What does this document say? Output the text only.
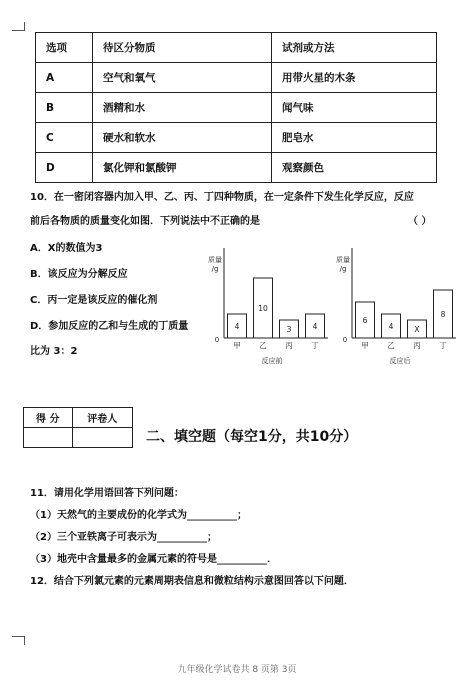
选项	待区分物质	试剂或方法
A	空气和氧气	用带火星的木条
B	酒精和水	闻气味
C	硬水和软水	肥皂水
D	氯化钾和氯酸钾	观察颜色
10．在一密闭容器内加入甲、乙、丙、丁四种物质，在一定条件下发生化学反应，反应
前后各物质的质量变化如图．下列说法中不正确的是	（ ）
A．X的数值为3
B．该反应为分解反应
C．丙一定是该反应的催化剂
D．参加反应的乙和与生成的丁质量
比为 3：2
质量/g
0
4
甲
10
乙
3
丙
4
丁
反应前
质量/g
0
6
甲
4
乙
X
丙
8
丁
反应后
得 分	评卷人

二、填空题（每空1分，共10分）
11．请用化学用语回答下列问题：
（1）天然气的主要成份的化学式为__________；
（2）三个亚铁离子可表示为__________；
（3）地壳中含量最多的金属元素的符号是__________．
12．结合下列氯元素的元素周期表信息和微粒结构示意图回答以下问题．
九年级化学试卷共 8 页第 3页
